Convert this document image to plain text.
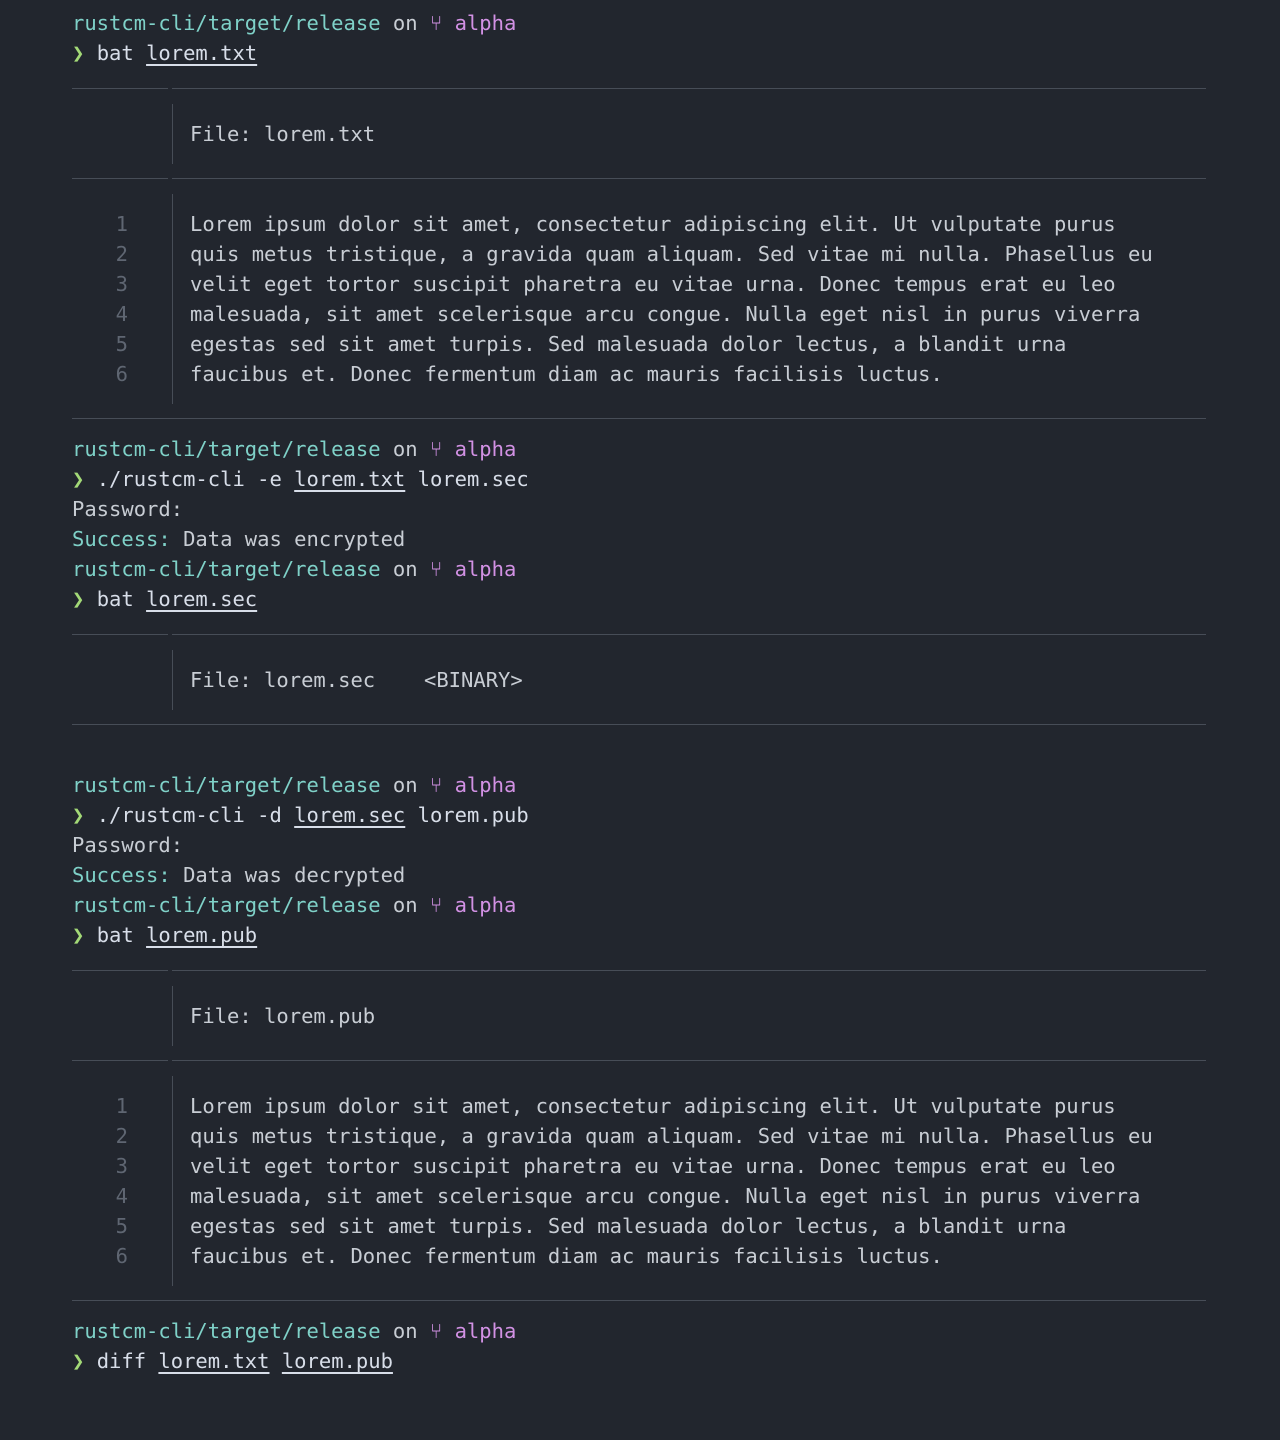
rustcm-cli/target/release on ⑂ alpha
❯ bat lorem.txt
File: lorem.txt
1	Lorem ipsum dolor sit amet, consectetur adipiscing elit. Ut vulputate purus
2	quis metus tristique, a gravida quam aliquam. Sed vitae mi nulla. Phasellus eu
3	velit eget tortor suscipit pharetra eu vitae urna. Donec tempus erat eu leo
4	malesuada, sit amet scelerisque arcu congue. Nulla eget nisl in purus viverra
5	egestas sed sit amet turpis. Sed malesuada dolor lectus, a blandit urna
6	faucibus et. Donec fermentum diam ac mauris facilisis luctus.
rustcm-cli/target/release on ⑂ alpha
❯ ./rustcm-cli -e lorem.txt lorem.sec
Password:
Success: Data was encrypted
rustcm-cli/target/release on ⑂ alpha
❯ bat lorem.sec
File: lorem.sec <BINARY>
rustcm-cli/target/release on ⑂ alpha
❯ ./rustcm-cli -d lorem.sec lorem.pub
Password:
Success: Data was decrypted
rustcm-cli/target/release on ⑂ alpha
❯ bat lorem.pub
File: lorem.pub
1	Lorem ipsum dolor sit amet, consectetur adipiscing elit. Ut vulputate purus
2	quis metus tristique, a gravida quam aliquam. Sed vitae mi nulla. Phasellus eu
3	velit eget tortor suscipit pharetra eu vitae urna. Donec tempus erat eu leo
4	malesuada, sit amet scelerisque arcu congue. Nulla eget nisl in purus viverra
5	egestas sed sit amet turpis. Sed malesuada dolor lectus, a blandit urna
6	faucibus et. Donec fermentum diam ac mauris facilisis luctus.
rustcm-cli/target/release on ⑂ alpha
❯ diff lorem.txt lorem.pub
